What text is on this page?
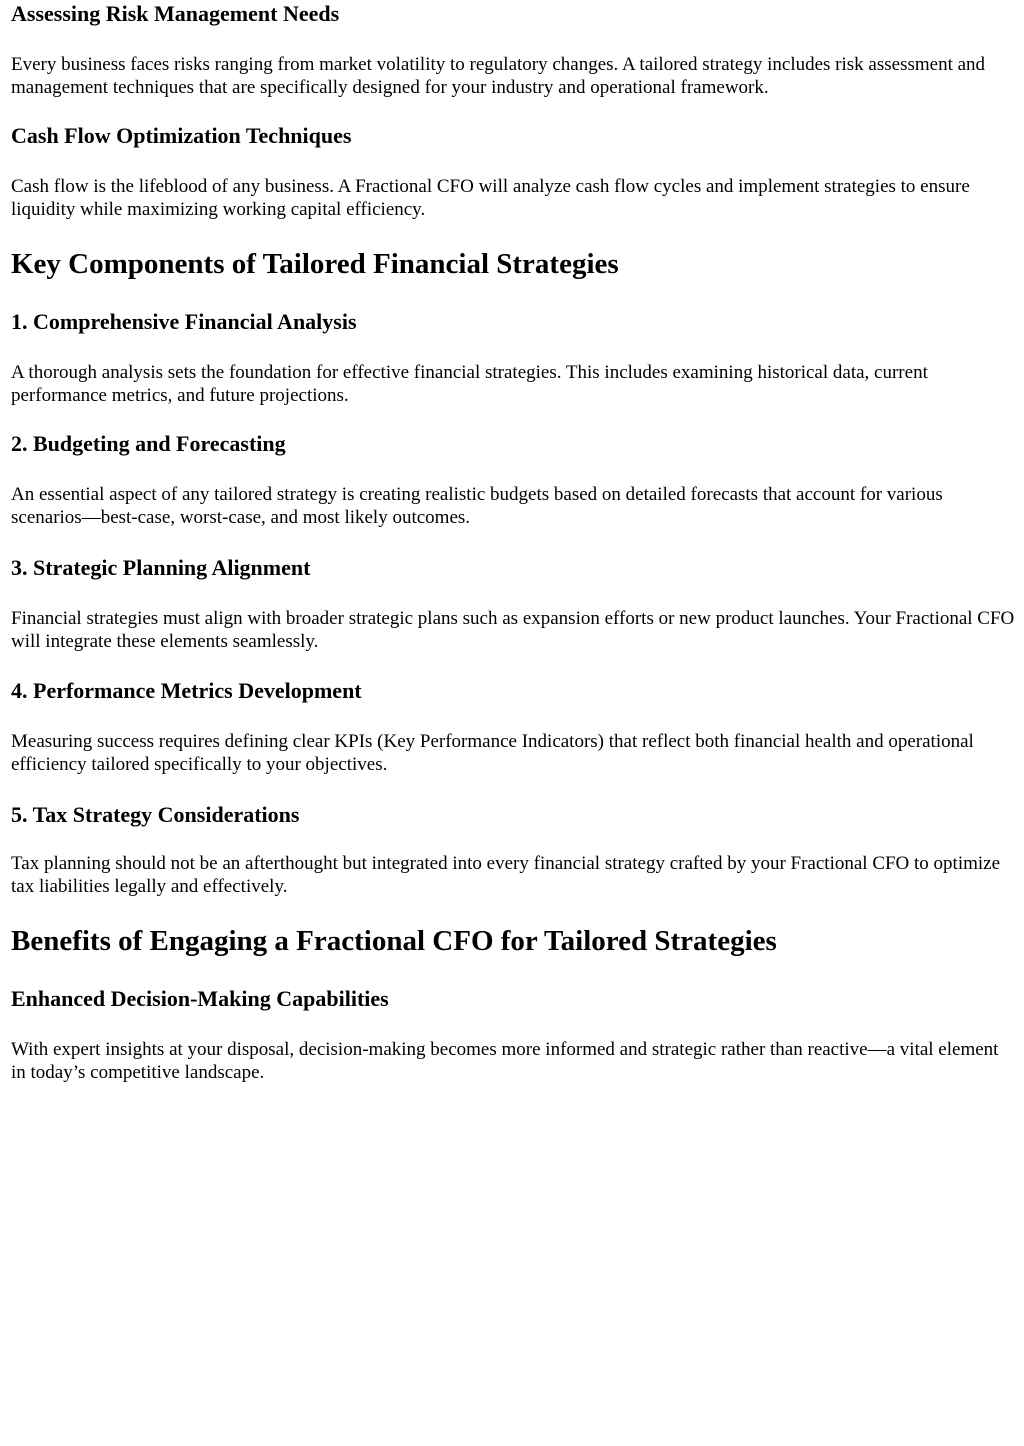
Assessing Risk Management Needs

Every business faces risks ranging from market volatility to regulatory changes. A tailored strategy includes risk assessment and management techniques that are specifically designed for your industry and operational framework.

Cash Flow Optimization Techniques

Cash flow is the lifeblood of any business. A Fractional CFO will analyze cash flow cycles and implement strategies to ensure liquidity while maximizing working capital efficiency.

Key Components of Tailored Financial Strategies
1. Comprehensive Financial Analysis

A thorough analysis sets the foundation for effective financial strategies. This includes examining historical data, current performance metrics, and future projections.

2. Budgeting and Forecasting

An essential aspect of any tailored strategy is creating realistic budgets based on detailed forecasts that account for various scenarios—best-case, worst-case, and most likely outcomes.

3. Strategic Planning Alignment

Financial strategies must align with broader strategic plans such as expansion efforts or new product launches. Your Fractional CFO will integrate these elements seamlessly.

4. Performance Metrics Development

Measuring success requires defining clear KPIs (Key Performance Indicators) that reflect both financial health and operational efficiency tailored specifically to your objectives.

5. Tax Strategy Considerations

Tax planning should not be an afterthought but integrated into every financial strategy crafted by your Fractional CFO to optimize tax liabilities legally and effectively.

Benefits of Engaging a Fractional CFO for Tailored Strategies
Enhanced Decision-Making Capabilities

With expert insights at your disposal, decision-making becomes more informed and strategic rather than reactive—a vital element in today’s competitive landscape.
